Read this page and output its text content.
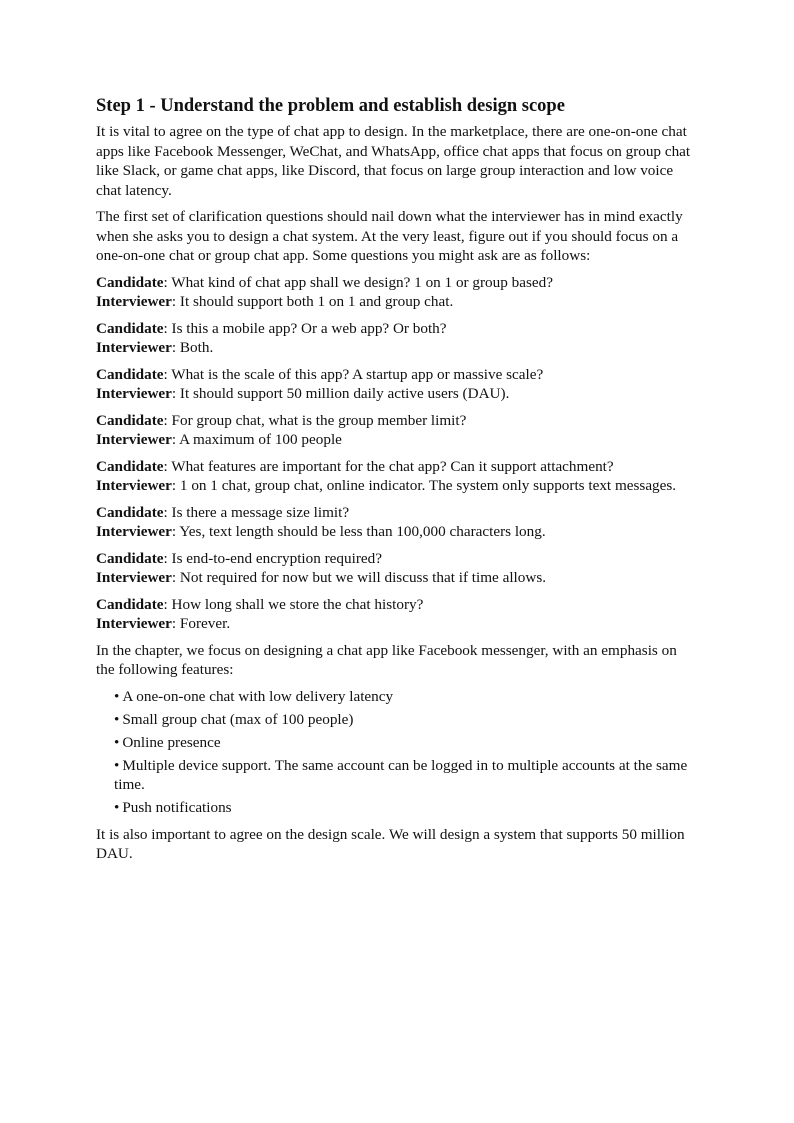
Step 1 - Understand the problem and establish design scope

It is vital to agree on the type of chat app to design. In the marketplace, there are one-on-one chat apps like Facebook Messenger, WeChat, and WhatsApp, office chat apps that focus on group chat like Slack, or game chat apps, like Discord, that focus on large group interaction and low voice chat latency.

The first set of clarification questions should nail down what the interviewer has in mind exactly when she asks you to design a chat system. At the very least, figure out if you should focus on a one-on-one chat or group chat app. Some questions you might ask are as follows:

Candidate: What kind of chat app shall we design? 1 on 1 or group based?
Interviewer: It should support both 1 on 1 and group chat.
Candidate: Is this a mobile app? Or a web app? Or both?
Interviewer: Both.
Candidate: What is the scale of this app? A startup app or massive scale?
Interviewer: It should support 50 million daily active users (DAU).
Candidate: For group chat, what is the group member limit?
Interviewer: A maximum of 100 people
Candidate: What features are important for the chat app? Can it support attachment?
Interviewer: 1 on 1 chat, group chat, online indicator. The system only supports text messages.
Candidate: Is there a message size limit?
Interviewer: Yes, text length should be less than 100,000 characters long.
Candidate: Is end-to-end encryption required?
Interviewer: Not required for now but we will discuss that if time allows.
Candidate: How long shall we store the chat history?
Interviewer: Forever.

In the chapter, we focus on designing a chat app like Facebook messenger, with an emphasis on the following features:

• A one-on-one chat with low delivery latency
• Small group chat (max of 100 people)
• Online presence
• Multiple device support. The same account can be logged in to multiple accounts at the same time.
• Push notifications

It is also important to agree on the design scale. We will design a system that supports 50 million DAU.
